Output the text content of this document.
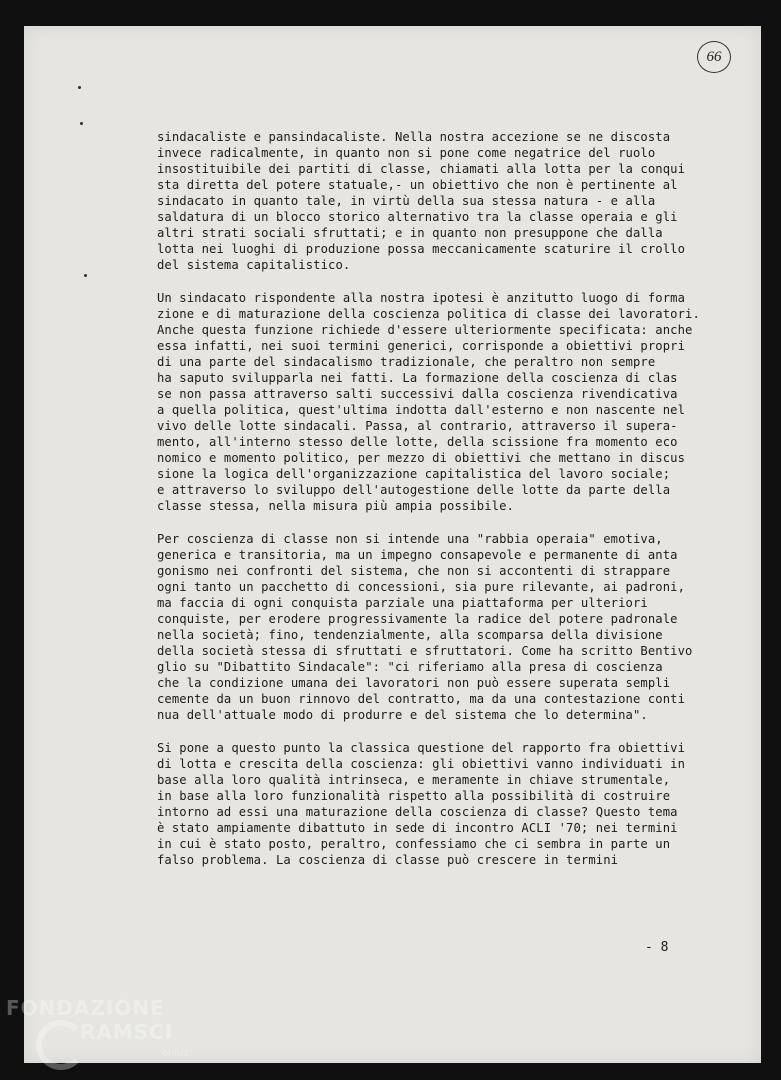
66
sindacaliste e pansindacaliste. Nella nostra accezione se ne discosta
invece radicalmente, in quanto non si pone come negatrice del ruolo
insostituibile dei partiti di classe, chiamati alla lotta per la conqui
sta diretta del potere statuale,- un obiettivo che non è pertinente al
sindacato in quanto tale, in virtù della sua stessa natura - e alla
saldatura di un blocco storico alternativo tra la classe operaia e gli
altri strati sociali sfruttati; e in quanto non presuppone che dalla
lotta nei luoghi di produzione possa meccanicamente scaturire il crollo
del sistema capitalistico.
Un sindacato rispondente alla nostra ipotesi è anzitutto luogo di forma
zione e di maturazione della coscienza politica di classe dei lavoratori.
Anche questa funzione richiede d'essere ulteriormente specificata: anche
essa infatti, nei suoi termini generici, corrisponde a obiettivi propri
di una parte del sindacalismo tradizionale, che peraltro non sempre
ha saputo svilupparla nei fatti. La formazione della coscienza di clas
se non passa attraverso salti successivi dalla coscienza rivendicativa
a quella politica, quest'ultima indotta dall'esterno e non nascente nel
vivo delle lotte sindacali. Passa, al contrario, attraverso il supera-
mento, all'interno stesso delle lotte, della scissione fra momento eco
nomico e momento politico, per mezzo di obiettivi che mettano in discus
sione la logica dell'organizzazione capitalistica del lavoro sociale;
e attraverso lo sviluppo dell'autogestione delle lotte da parte della
classe stessa, nella misura più ampia possibile.
Per coscienza di classe non si intende una "rabbia operaia" emotiva,
generica e transitoria, ma un impegno consapevole e permanente di anta
gonismo nei confronti del sistema, che non si accontenti di strappare
ogni tanto un pacchetto di concessioni, sia pure rilevante, ai padroni,
ma faccia di ogni conquista parziale una piattaforma per ulteriori
conquiste, per erodere progressivamente la radice del potere padronale
nella società; fino, tendenzialmente, alla scomparsa della divisione
della società stessa di sfruttati e sfruttatori. Come ha scritto Bentivo
glio su "Dibattito Sindacale": "ci riferiamo alla presa di coscienza
che la condizione umana dei lavoratori non può essere superata sempli
cemente da un buon rinnovo del contratto, ma da una contestazione conti
nua dell'attuale modo di produrre e del sistema che lo determina".
Si pone a questo punto la classica questione del rapporto fra obiettivi
di lotta e crescita della coscienza: gli obiettivi vanno individuati in
base alla loro qualità intrinseca, e meramente in chiave strumentale,
in base alla loro funzionalità rispetto alla possibilità di costruire
intorno ad essi una maturazione della coscienza di classe? Questo tema
è stato ampiamente dibattuto in sede di incontro ACLI '70; nei termini
in cui è stato posto, peraltro, confessiamo che ci sembra in parte un
falso problema. La coscienza di classe può crescere in termini
- 8
FONDAZIONE
RAMSCI
onlus
